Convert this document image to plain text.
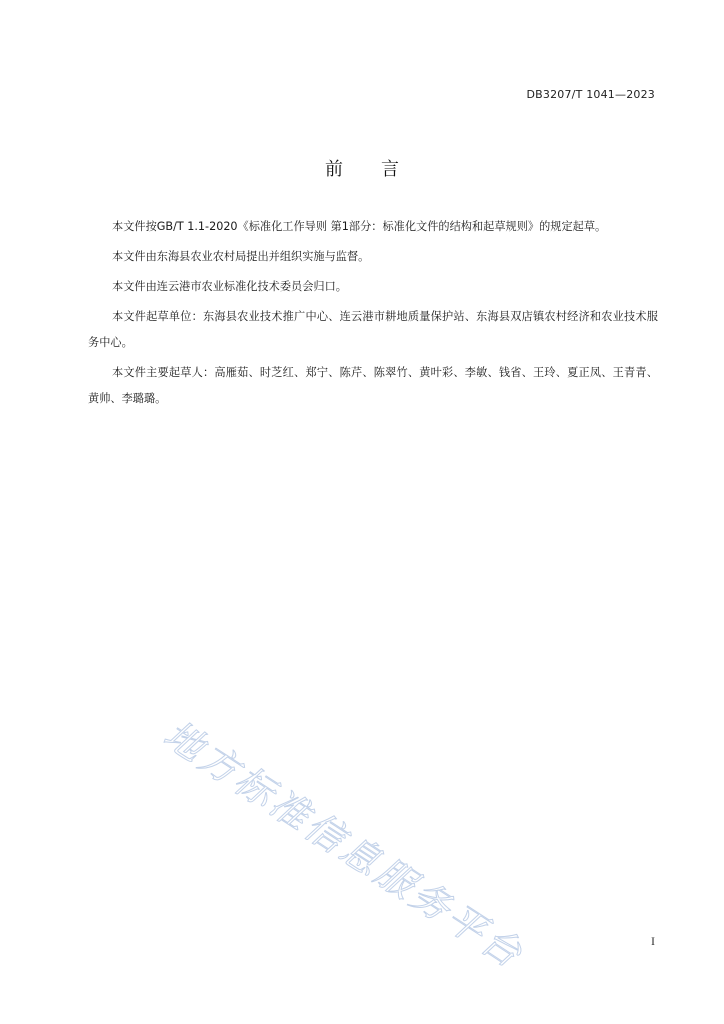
DB3207/T 1041—2023
前言

本文件按GB/T 1.1-2020《标准化工作导则 第1部分：标准化文件的结构和起草规则》的规定起草。

本文件由东海县农业农村局提出并组织实施与监督。

本文件由连云港市农业标准化技术委员会归口。

本文件起草单位：东海县农业技术推广中心、连云港市耕地质量保护站、东海县双店镇农村经济和农业技术服务中心。

本文件主要起草人：高雁茹、时芝红、郑宁、陈芹、陈翠竹、黄叶彩、李敏、钱省、王玲、夏正凤、王青青、黄帅、李璐璐。

地方标准信息服务平台	I
